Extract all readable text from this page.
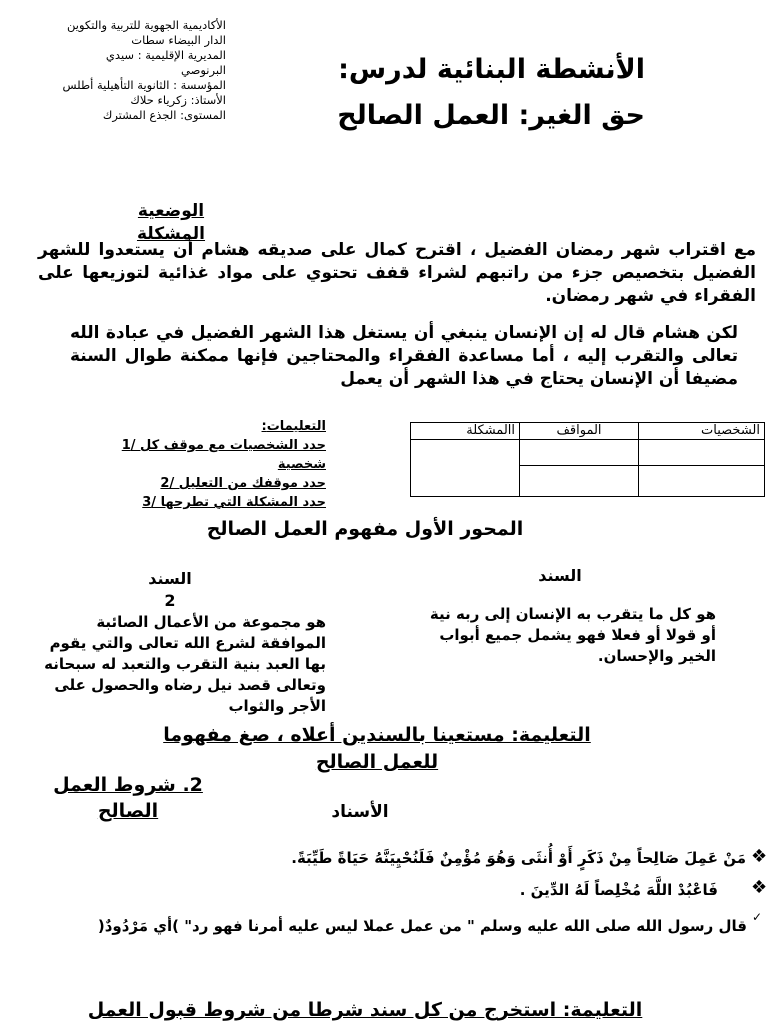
الأكاديمية الجهوية للتربية والتكوين
الدار البيضاء سطات
المديرية الإقليمية : سيدي البرنوصي
المؤسسة : الثانوية التأهيلية أطلس
الأستاذ: زكرياء حلاك
المستوى: الجذع المشترك
الأنشطة البنائية لدرس:
حق الغير: العمل الصالح
الوضعية
المشكلة
مع اقتراب شهر رمضان الفضيل ، اقترح كمال على صديقه هشام أن يستعدوا للشهر الفضيل بتخصيص جزء من راتبهم لشراء قفف تحتوي على مواد غذائية لتوزيعها على الفقراء في شهر رمضان.
لكن هشام قال له إن الإنسان ينبغي أن يستغل هذا الشهر الفضيل في عبادة الله تعالى والتقرب إليه ، أما مساعدة الفقراء والمحتاجين فإنها ممكنة طوال السنة مضيفا أن الإنسان يحتاج في هذا الشهر أن يعمل
:التعليمات
حدد الشخصيات مع موقف كل /1 شخصية
حدد موقفك من التعليل /2
حدد المشكلة التي تطرحها /3
الشخصيات	المواقف	االمشكلة

المحور الأول مفهوم العمل الصالح
السند
السند
2
هو كل ما يتقرب به الإنسان إلى ربه نية أو قولا أو فعلا فهو يشمل جميع أبواب الخير والإحسان.
هو مجموعة من الأعمال الصائبة الموافقة لشرع الله تعالى والتي يقوم بها العبد بنية التقرب والتعبد له سبحانه وتعالى قصد نيل رضاه والحصول على الأجر والثواب
التعليمة: مستعينا بالسندين أعلاه ، صغ مفهوما
للعمل الصالح
2. شروط العمل
الصالح	الأسناد
❖
مَنْ عَمِلَ صَالِحاً مِنْ ذَكَرٍ أَوْ أُنثَى وَهُوَ مُؤْمِنٌ فَلَنُحْيِيَنَّهُ حَيَاةً طَيِّبَةً.
❖
فَاعْبُدْ اللَّهَ مُخْلِصاً لَهُ الدِّينَ .
✓
قال رسول الله صلى الله عليه وسلم " من عمل عملا ليس عليه أمرنا فهو رد" )أي مَرْدُودٌ(
التعليمة: استخرج من كل سند شرطا من شروط قبول العمل
